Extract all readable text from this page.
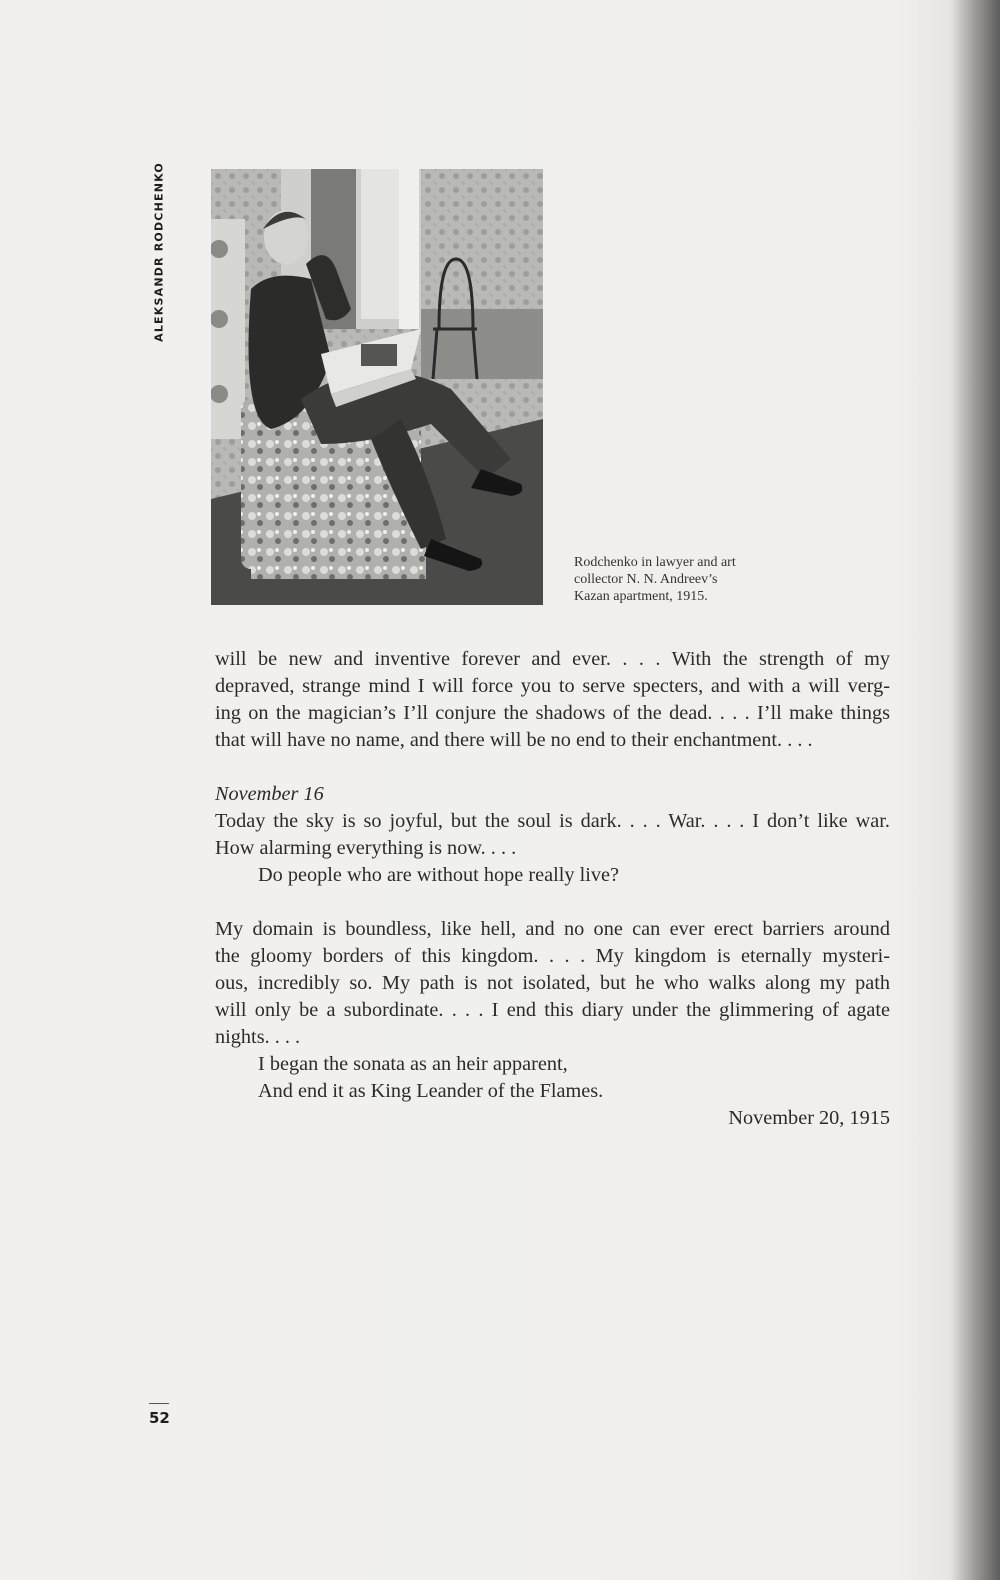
ALEKSANDR RODCHENKO
Rodchenko in lawyer and art
collector N. N. Andreev’s
Kazan apartment, 1915.
will be new and inventive forever and ever. . . . With the strength of my
depraved, strange mind I will force you to serve specters, and with a will verg-
ing on the magician’s I’ll conjure the shadows of the dead. . . . I’ll make things
that will have no name, and there will be no end to their enchantment. . . .
November 16
Today the sky is so joyful, but the soul is dark. . . . War. . . . I don’t like war.
How alarming everything is now. . . .
Do people who are without hope really live?
My domain is boundless, like hell, and no one can ever erect barriers around
the gloomy borders of this kingdom. . . . My kingdom is eternally mysteri-
ous, incredibly so. My path is not isolated, but he who walks along my path
will only be a subordinate. . . . I end this diary under the glimmering of agate
nights. . . .
I began the sonata as an heir apparent,
And end it as King Leander of the Flames.
November 20, 1915
52
